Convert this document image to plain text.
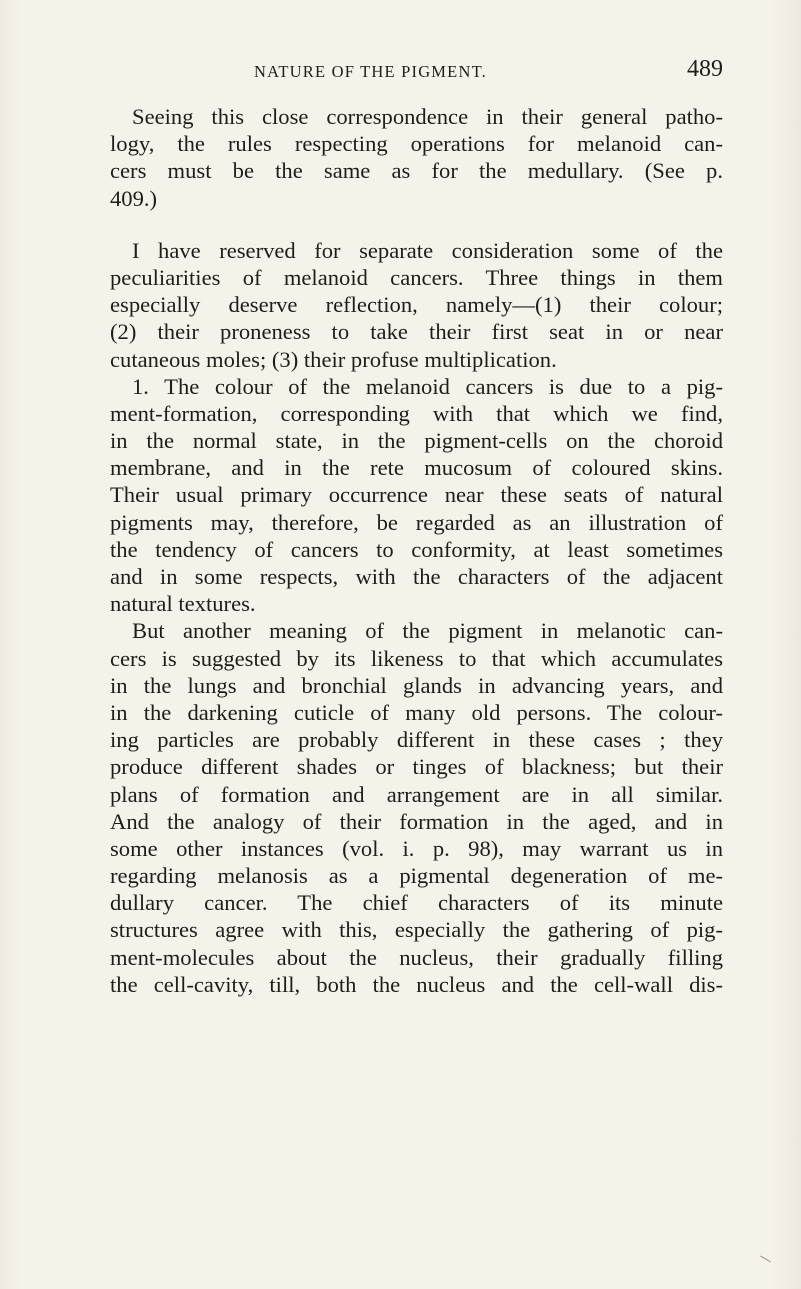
NATURE OF THE PIGMENT.	489
Seeing this close correspondence in their general patho-
logy, the rules respecting operations for melanoid can-
cers must be the same as for the medullary. (See p.
409.)
I have reserved for separate consideration some of the
peculiarities of melanoid cancers. Three things in them
especially deserve reflection, namely—(1) their colour;
(2) their proneness to take their first seat in or near
cutaneous moles; (3) their profuse multiplication.
1. The colour of the melanoid cancers is due to a pig-
ment-formation, corresponding with that which we find,
in the normal state, in the pigment-cells on the choroid
membrane, and in the rete mucosum of coloured skins.
Their usual primary occurrence near these seats of natural
pigments may, therefore, be regarded as an illustration of
the tendency of cancers to conformity, at least sometimes
and in some respects, with the characters of the adjacent
natural textures.
But another meaning of the pigment in melanotic can-
cers is suggested by its likeness to that which accumulates
in the lungs and bronchial glands in advancing years, and
in the darkening cuticle of many old persons. The colour-
ing particles are probably different in these cases ; they
produce different shades or tinges of blackness; but their
plans of formation and arrangement are in all similar.
And the analogy of their formation in the aged, and in
some other instances (vol. i. p. 98), may warrant us in
regarding melanosis as a pigmental degeneration of me-
dullary cancer. The chief characters of its minute
structures agree with this, especially the gathering of pig-
ment-molecules about the nucleus, their gradually filling
the cell-cavity, till, both the nucleus and the cell-wall dis-
